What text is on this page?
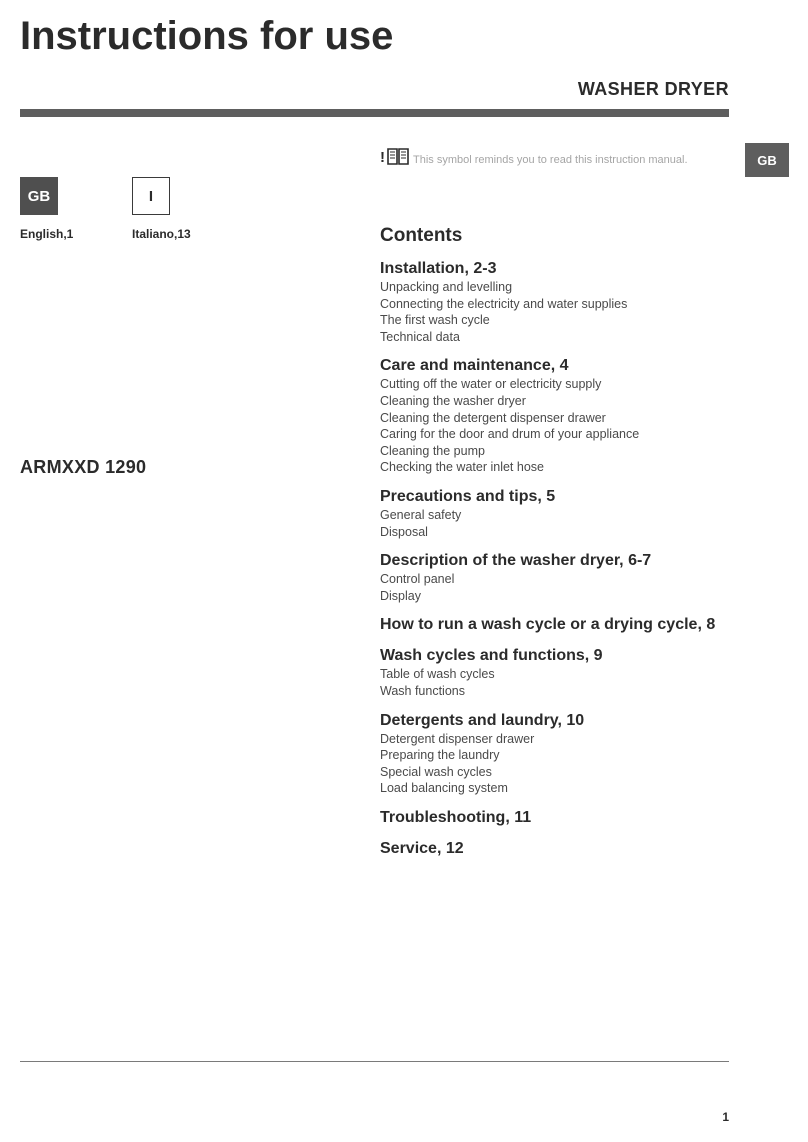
Instructions for use
WASHER DRYER
GB
GB	I
English,1	Italiano,13
ARMXXD 1290
!	This symbol reminds you to read this instruction manual.
Contents
Installation, 2-3
Unpacking and levelling
Connecting the electricity and water supplies
The first wash cycle
Technical data
Care and maintenance, 4
Cutting off the water or electricity supply
Cleaning the washer dryer
Cleaning the detergent dispenser drawer
Caring for the door and drum of your appliance
Cleaning the pump
Checking the water inlet hose
Precautions and tips, 5
General safety
Disposal
Description of the washer dryer, 6-7
Control panel
Display
How to run a wash cycle or a drying cycle, 8
Wash cycles and functions, 9
Table of wash cycles
Wash functions
Detergents and laundry, 10
Detergent dispenser drawer
Preparing the laundry
Special wash cycles
Load balancing system
Troubleshooting, 11
Service, 12
1
